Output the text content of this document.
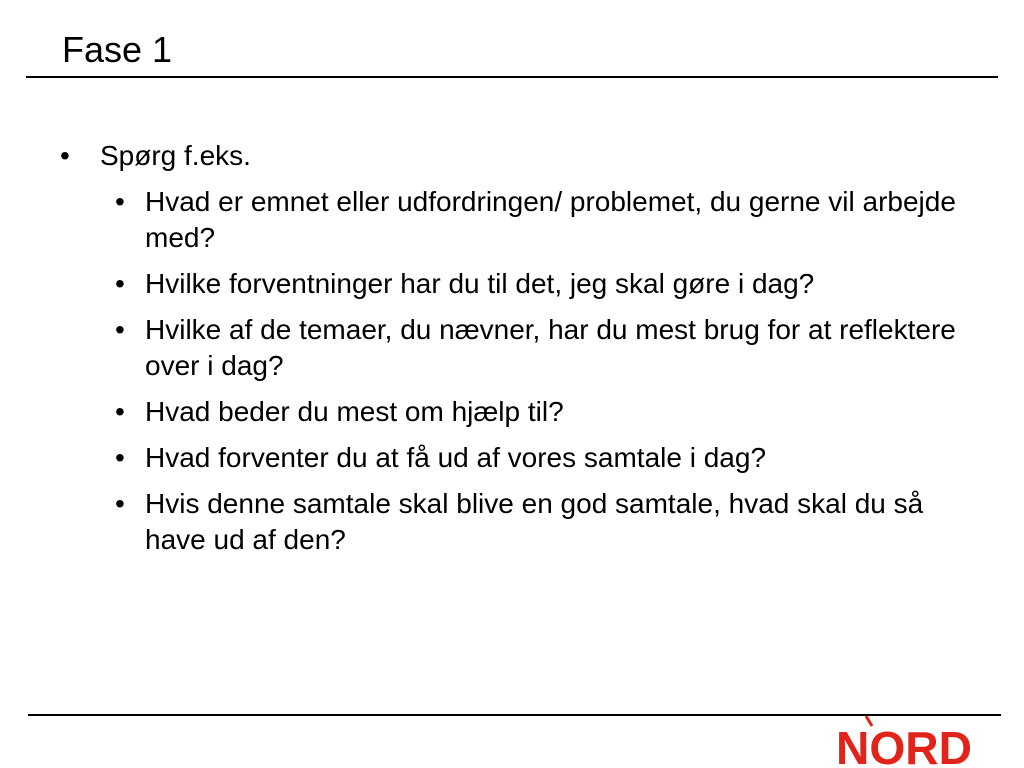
Fase 1
•	Spørg f.eks.
• Hvad er emnet eller udfordringen/ problemet, du gerne vil arbejde med?
• Hvilke forventninger har du til det, jeg skal gøre i dag?
• Hvilke af de temaer, du nævner, har du mest brug for at reflektere over i dag?
• Hvad beder du mest om hjælp til?
• Hvad forventer du at få ud af vores samtale i dag?
• Hvis denne samtale skal blive en god samtale, hvad skal du så have ud af den?
NORD
